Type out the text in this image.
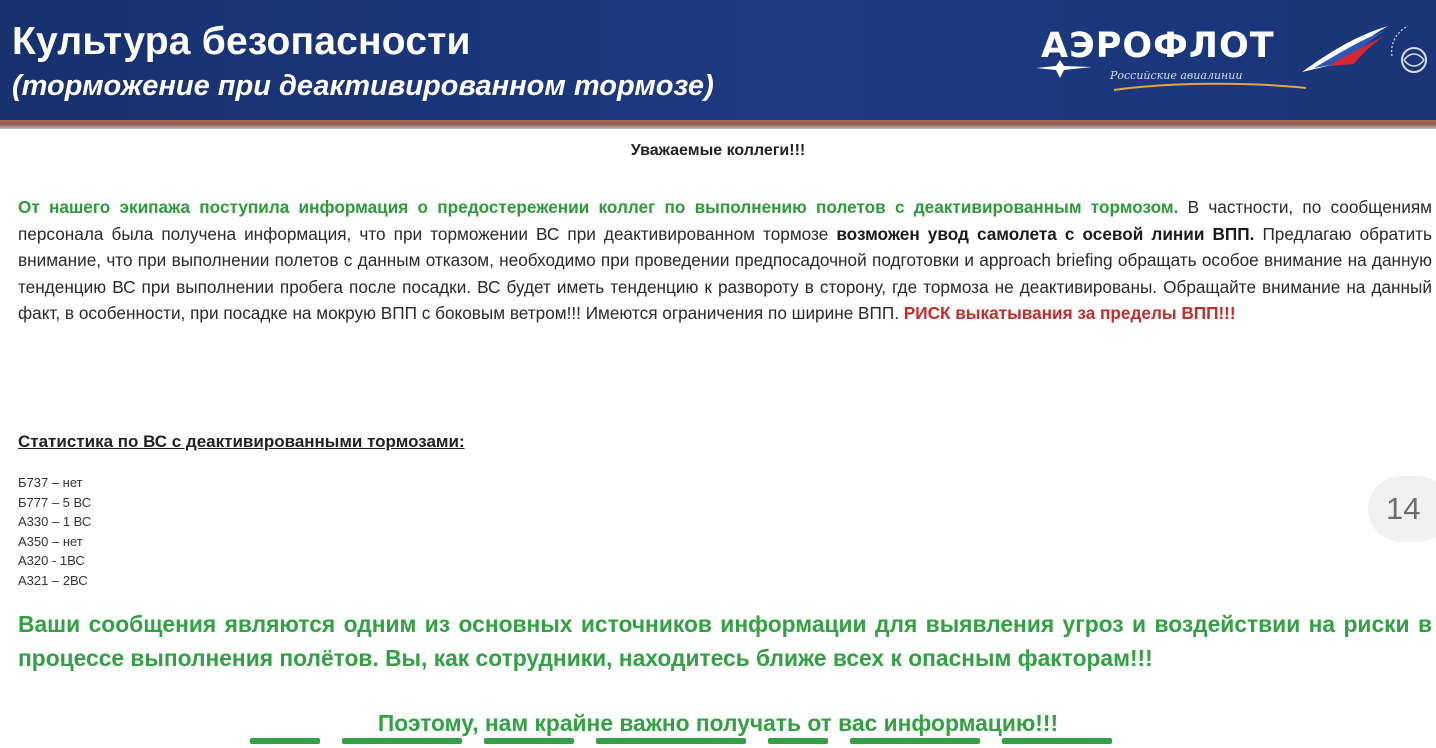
Культура безопасности
(торможение при деактивированном тормозе)
АЭРОФЛОТ
Российские авиалинии
Уважаемые коллеги!!!

От нашего экипажа поступила информация о предостережении коллег по выполнению полетов с деактивированным тормозом. В частности, по сообщениям персонала была получена информация, что при торможении ВС при деактивированном тормозе возможен увод самолета с осевой линии ВПП. Предлагаю обратить внимание, что при выполнении полетов с данным отказом, необходимо при проведении предпосадочной подготовки и approach briefing обращать особое внимание на данную тенденцию ВС при выполнении пробега после посадки. ВС будет иметь тенденцию к развороту в сторону, где тормоза не деактивированы. Обращайте внимание на данный факт, в особенности, при посадке на мокрую ВПП с боковым ветром!!! Имеются ограничения по ширине ВПП. РИСК выкатывания за пределы ВПП!!!

Статистика по ВС с деактивированными тормозами:
Б737 – нет
Б777 – 5 ВС
А330 – 1 ВС
А350 – нет
А320 - 1ВС
А321 – 2ВС
14

Ваши сообщения являются одним из основных источников информации для выявления угроз и воздействии на риски в процессе выполнения полётов. Вы, как сотрудники, находитесь ближе всех к опасным факторам!!!

Поэтому, нам крайне важно получать от вас информацию!!!
